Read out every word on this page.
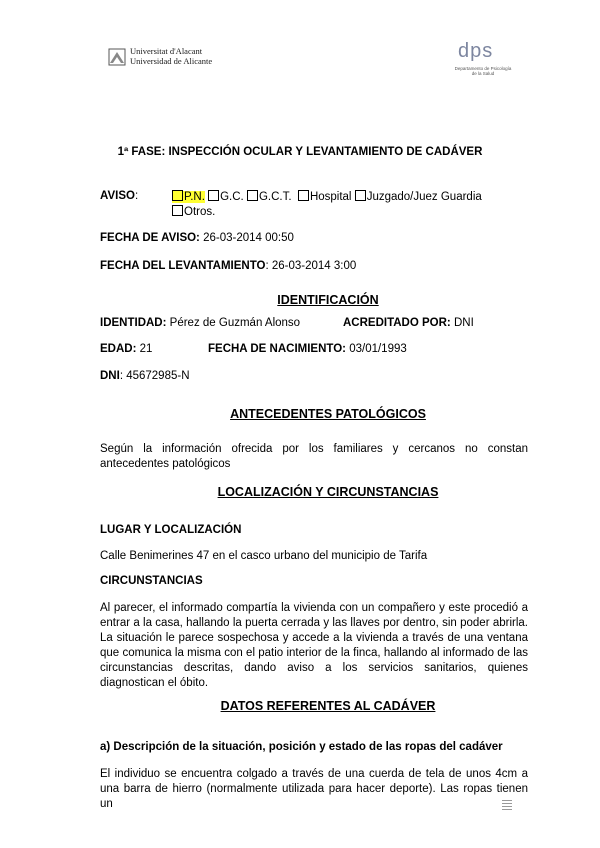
Universitat d'Alacant
Universidad de Alicante	dps
Departamento de Psicología de la Salud
1ª FASE: INSPECCIÓN OCULAR Y LEVANTAMIENTO DE CADÁVER
AVISO:	P.N. G.C. G.C.T. Hospital Juzgado/Juez Guardia
Otros.
FECHA DE AVISO: 26-03-2014 00:50
FECHA DEL LEVANTAMIENTO: 26-03-2014 3:00
IDENTIFICACIÓN
IDENTIDAD: Pérez de Guzmán Alonso	ACREDITADO POR: DNI
EDAD: 21	FECHA DE NACIMIENTO: 03/01/1993
DNI: 45672985-N
ANTECEDENTES PATOLÓGICOS
Según la información ofrecida por los familiares y cercanos no constan antecedentes patológicos
LOCALIZACIÓN Y CIRCUNSTANCIAS
LUGAR Y LOCALIZACIÓN
Calle Benimerines 47 en el casco urbano del municipio de Tarifa
CIRCUNSTANCIAS
Al parecer, el informado compartía la vivienda con un compañero y este procedió a entrar a la casa, hallando la puerta cerrada y las llaves por dentro, sin poder abrirla. La situación le parece sospechosa y accede a la vivienda a través de una ventana que comunica la misma con el patio interior de la finca, hallando al informado de las circunstancias descritas, dando aviso a los servicios sanitarios, quienes diagnostican el óbito.
DATOS REFERENTES AL CADÁVER
a) Descripción de la situación, posición y estado de las ropas del cadáver
El individuo se encuentra colgado a través de una cuerda de tela de unos 4cm a una barra de hierro (normalmente utilizada para hacer deporte). Las ropas tienen un
